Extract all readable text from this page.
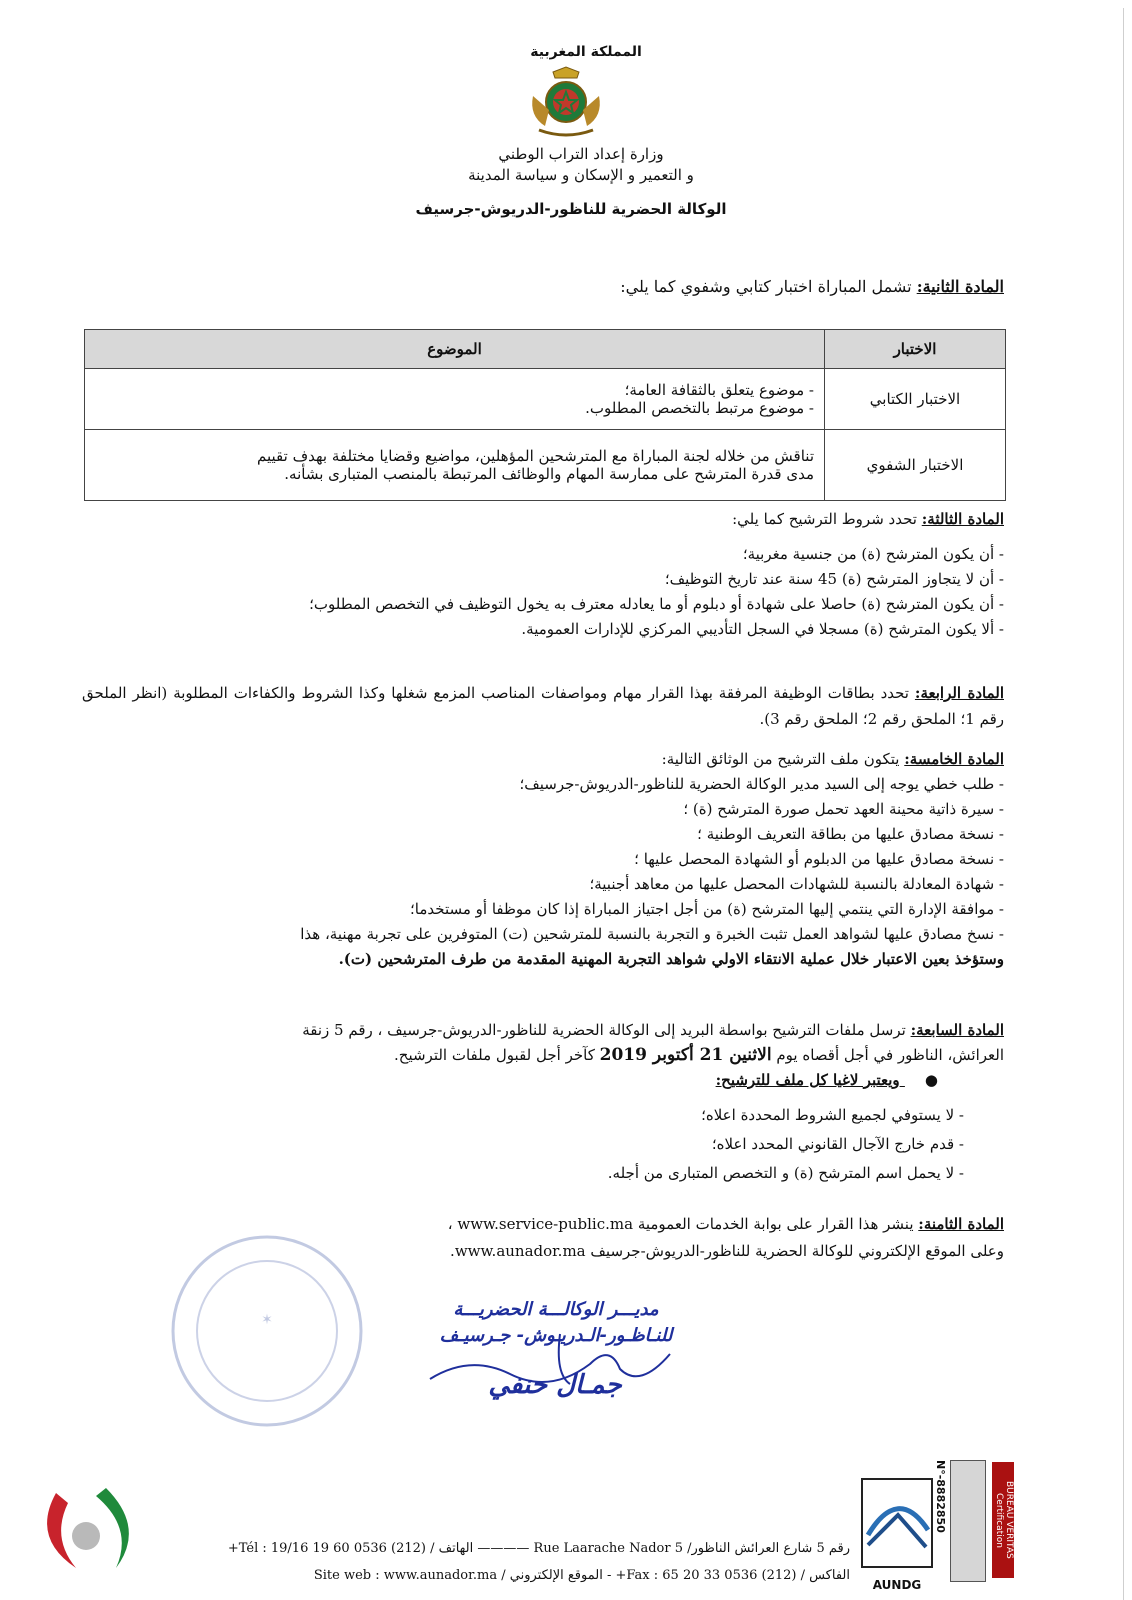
المملكة المغربية
وزارة إعداد التراب الوطني
و التعمير و الإسكان و سياسة المدينة
الوكالة الحضرية للناظور-الدريوش-جرسيف

المادة الثانية: تشمل المباراة اختبار كتابي وشفوي كما يلي:

الاختبار	الموضوع
الاختبار الكتابي	- موضوع يتعلق بالثقافة العامة؛
- موضوع مرتبط بالتخصص المطلوب.

الاختبار الشفوي	تناقش من خلاله لجنة المباراة مع المترشحين المؤهلين، مواضيع وقضايا مختلفة بهدف تقييم
مدى قدرة المترشح على ممارسة المهام والوظائف المرتبطة بالمنصب المتبارى بشأنه.

المادة الثالثة: تحدد شروط الترشيح كما يلي:

- أن يكون المترشح (ة) من جنسية مغربية؛
- أن لا يتجاوز المترشح (ة) 45 سنة عند تاريخ التوظيف؛
- أن يكون المترشح (ة) حاصلا على شهادة أو دبلوم أو ما يعادله معترف به يخول التوظيف في التخصص المطلوب؛
- ألا يكون المترشح (ة) مسجلا في السجل التأديبي المركزي للإدارات العمومية.
المادة الرابعة: تحدد بطاقات الوظيفة المرفقة بهذا القرار مهام ومواصفات المناصب المزمع شغلها وكذا الشروط والكفاءات المطلوبة (انظر الملحق رقم 1؛ الملحق رقم 2؛ الملحق رقم 3).

المادة الخامسة: يتكون ملف الترشيح من الوثائق التالية:

- طلب خطي يوجه إلى السيد مدير الوكالة الحضرية للناظور-الدريوش-جرسيف؛
- سيرة ذاتية محينة العهد تحمل صورة المترشح (ة) ؛
- نسخة مصادق عليها من بطاقة التعريف الوطنية ؛
- نسخة مصادق عليها من الدبلوم أو الشهادة المحصل عليها ؛
- شهادة المعادلة بالنسبة للشهادات المحصل عليها من معاهد أجنبية؛
- موافقة الإدارة التي ينتمي إليها المترشح (ة) من أجل اجتياز المباراة إذا كان موظفا أو مستخدما؛
- نسخ مصادق عليها لشواهد العمل تثبت الخبرة و التجربة بالنسبة للمترشحين (ت) المتوفرين على تجربة مهنية، هذا

وستؤخذ بعين الاعتبار خلال عملية الانتقاء الاولي شواهد التجربة المهنية المقدمة من طرف المترشحين (ت).

المادة السابعة: ترسل ملفات الترشيح بواسطة البريد إلى الوكالة الحضرية للناظور-الدريوش-جرسيف ، رقم 5 زنقة

العرائش، الناظور في أجل أقصاه يوم الاثنين 21 أكتوبر 2019 كآخر أجل لقبول ملفات الترشيح.

● ويعتبر لاغيا كل ملف للترشيح:

- لا يستوفي لجميع الشروط المحددة اعلاه؛
- قدم خارج الآجال القانوني المحدد اعلاه؛
- لا يحمل اسم المترشح (ة) و التخصص المتبارى من أجله.

المادة الثامنة: ينشر هذا القرار على بوابة الخدمات العمومية www.service-public.ma ،

وعلى الموقع الإلكتروني للوكالة الحضرية للناظور-الدريوش-جرسيف www.aunador.ma.

✶	مديـــر الوكالـــة الحضريـــة
للنـاظـور-الـدريـوش- جـرسيـف
جمـال حنفي
رقم 5 شارع العرائش الناظور/ 5 Rue Laarache Nador ———— الهاتف / Tél : 19/16 19 60 0536 (212)+
الفاكس / Fax : 65 20 33 0536 (212)+ - الموقع الإلكتروني / Site web : www.aunador.ma
AUNDG
N°-8882850	BUREAU VERITAS Certification
